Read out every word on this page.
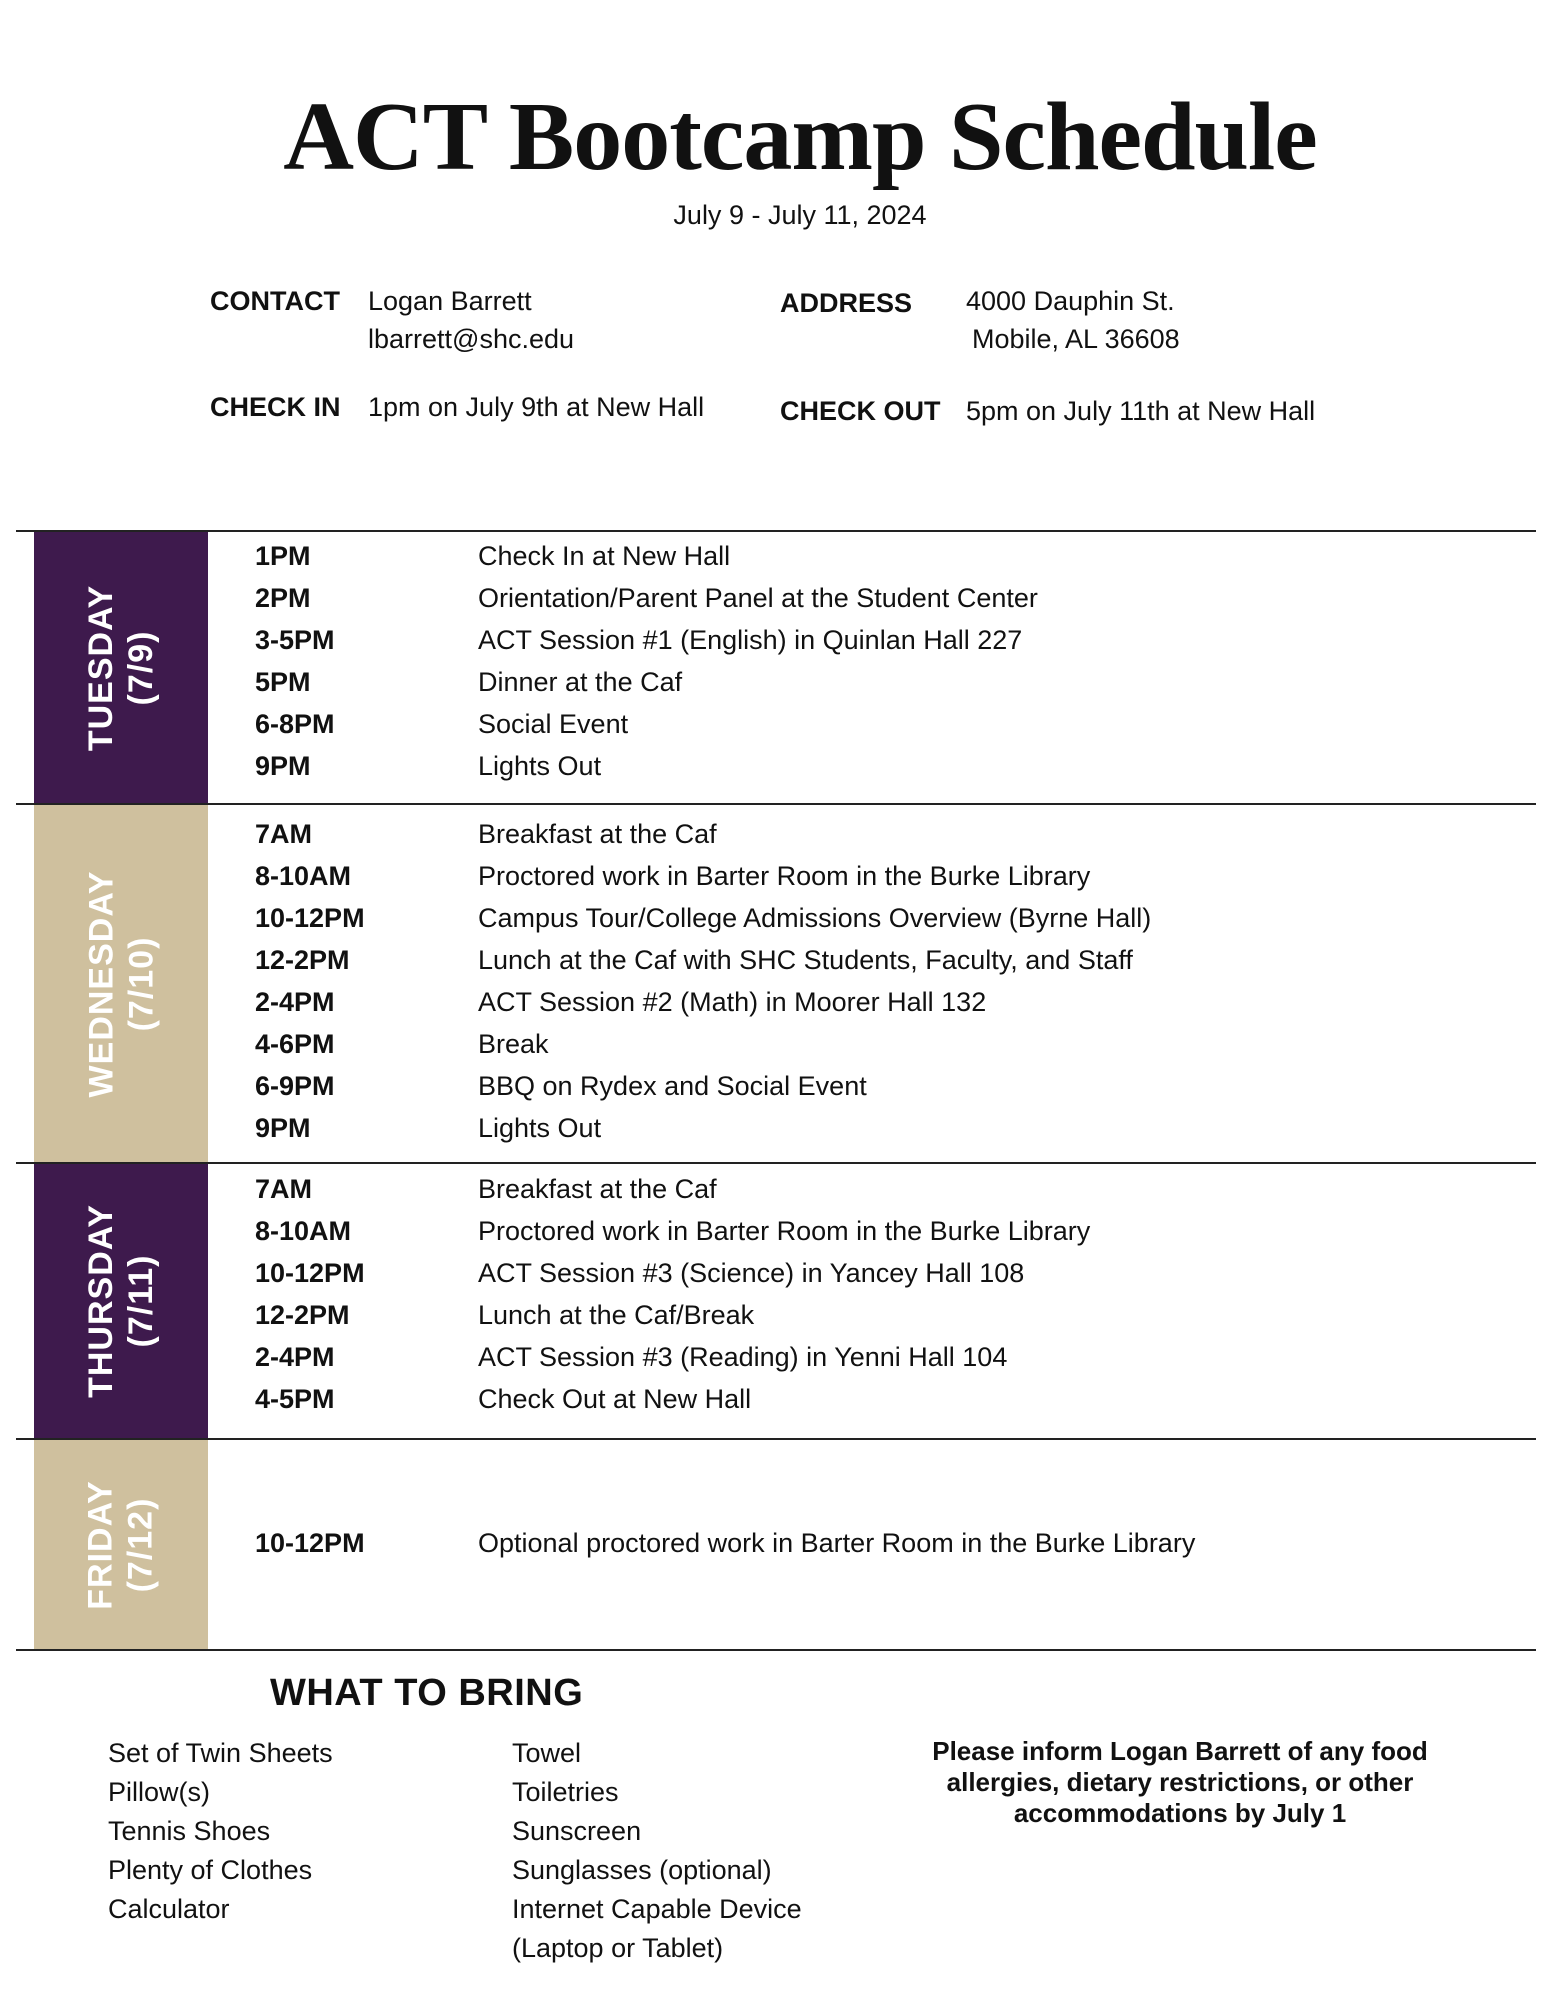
ACT Bootcamp Schedule
July 9 - July 11, 2024
CONTACT Logan Barrett
lbarrett@shc.edu
ADDRESS 4000 Dauphin St.
Mobile, AL 36608
CHECK IN 1pm on July 9th at New Hall	CHECK OUT 5pm on July 11th at New Hall
TUESDAY (7/9)
1PM	Check In at New Hall
2PM	Orientation/Parent Panel at the Student Center
3-5PM	ACT Session #1 (English) in Quinlan Hall 227
5PM	Dinner at the Caf
6-8PM	Social Event
9PM	Lights Out
WEDNESDAY (7/10)
7AM	Breakfast at the Caf
8-10AM	Proctored work in Barter Room in the Burke Library
10-12PM	Campus Tour/College Admissions Overview (Byrne Hall)
12-2PM	Lunch at the Caf with SHC Students, Faculty, and Staff
2-4PM	ACT Session #2 (Math) in Moorer Hall 132
4-6PM	Break
6-9PM	BBQ on Rydex and Social Event
9PM	Lights Out
THURSDAY (7/11)
7AM	Breakfast at the Caf
8-10AM	Proctored work in Barter Room in the Burke Library
10-12PM	ACT Session #3 (Science) in Yancey Hall 108
12-2PM	Lunch at the Caf/Break
2-4PM	ACT Session #3 (Reading) in Yenni Hall 104
4-5PM	Check Out at New Hall
FRIDAY (7/12)	10-12PM	Optional proctored work in Barter Room in the Burke Library
WHAT TO BRING
Set of Twin Sheets
Pillow(s)
Tennis Shoes
Plenty of Clothes
Calculator
Towel
Toiletries
Sunscreen
Sunglasses (optional)
Internet Capable Device
(Laptop or Tablet)
Please inform Logan Barrett of any food allergies, dietary restrictions, or other accommodations by July 1
